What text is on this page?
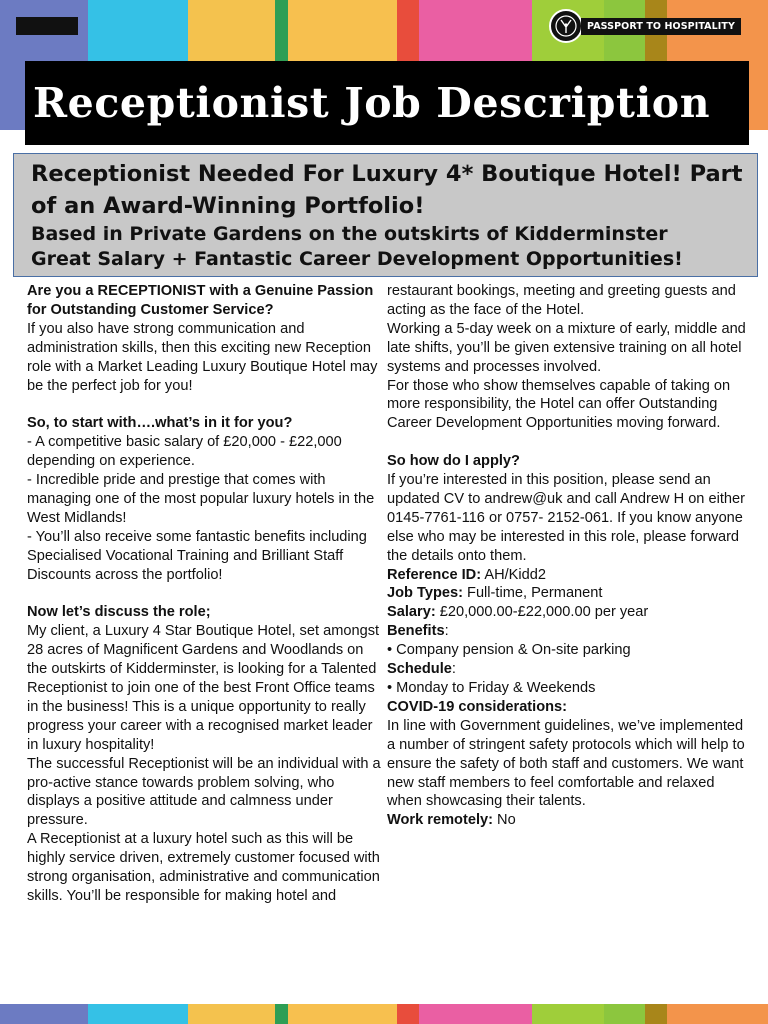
PASSPORT TO HOSPITALITY
Receptionist Job Description

Receptionist Needed For Luxury 4* Boutique Hotel! Part

of an Award-Winning Portfolio!

Based in Private Gardens on the outskirts of Kidderminster

Great Salary + Fantastic Career Development Opportunities!

Are you a RECEPTIONIST with a Genuine Passion for Outstanding Customer Service?

If you also have strong communication and administration skills, then this exciting new Reception role with a Market Leading Luxury Boutique Hotel may be the perfect job for you!

So, to start with….what’s in it for you?

- A competitive basic salary of £20,000 - £22,000 depending on experience.

- Incredible pride and prestige that comes with managing one of the most popular luxury hotels in the West Midlands!

- You’ll also receive some fantastic benefits including Specialised Vocational Training and Brilliant Staff Discounts across the portfolio!

Now let’s discuss the role;

My client, a Luxury 4 Star Boutique Hotel, set amongst 28 acres of Magnificent Gardens and Woodlands on the outskirts of Kidderminster, is looking for a Talented Receptionist to join one of the best Front Office teams in the business! This is a unique opportunity to really progress your career with a recognised market leader in luxury hospitality!

The successful Receptionist will be an individual with a pro-active stance towards problem solving, who displays a positive attitude and calmness under pressure.

A Receptionist at a luxury hotel such as this will be highly service driven, extremely customer focused with strong organisation, administrative and communication skills. You’ll be responsible for making hotel and

restaurant bookings, meeting and greeting guests and acting as the face of the Hotel.

Working a 5-day week on a mixture of early, middle and late shifts, you’ll be given extensive training on all hotel systems and processes involved.

For those who show themselves capable of taking on more responsibility, the Hotel can offer Outstanding Career Development Opportunities moving forward.

So how do I apply?

If you’re interested in this position, please send an updated CV to andrew@uk and call Andrew H on either 0145-7761-116 or 0757- 2152-061. If you know anyone else who may be interested in this role, please forward the details onto them.

Reference ID: AH/Kidd2

Job Types: Full-time, Permanent

Salary: £20,000.00-£22,000.00 per year

Benefits:

• Company pension & On-site parking

Schedule:

• Monday to Friday & Weekends

COVID-19 considerations:

In line with Government guidelines, we’ve implemented a number of stringent safety protocols which will help to ensure the safety of both staff and customers. We want new staff members to feel comfortable and relaxed when showcasing their talents.

Work remotely: No
